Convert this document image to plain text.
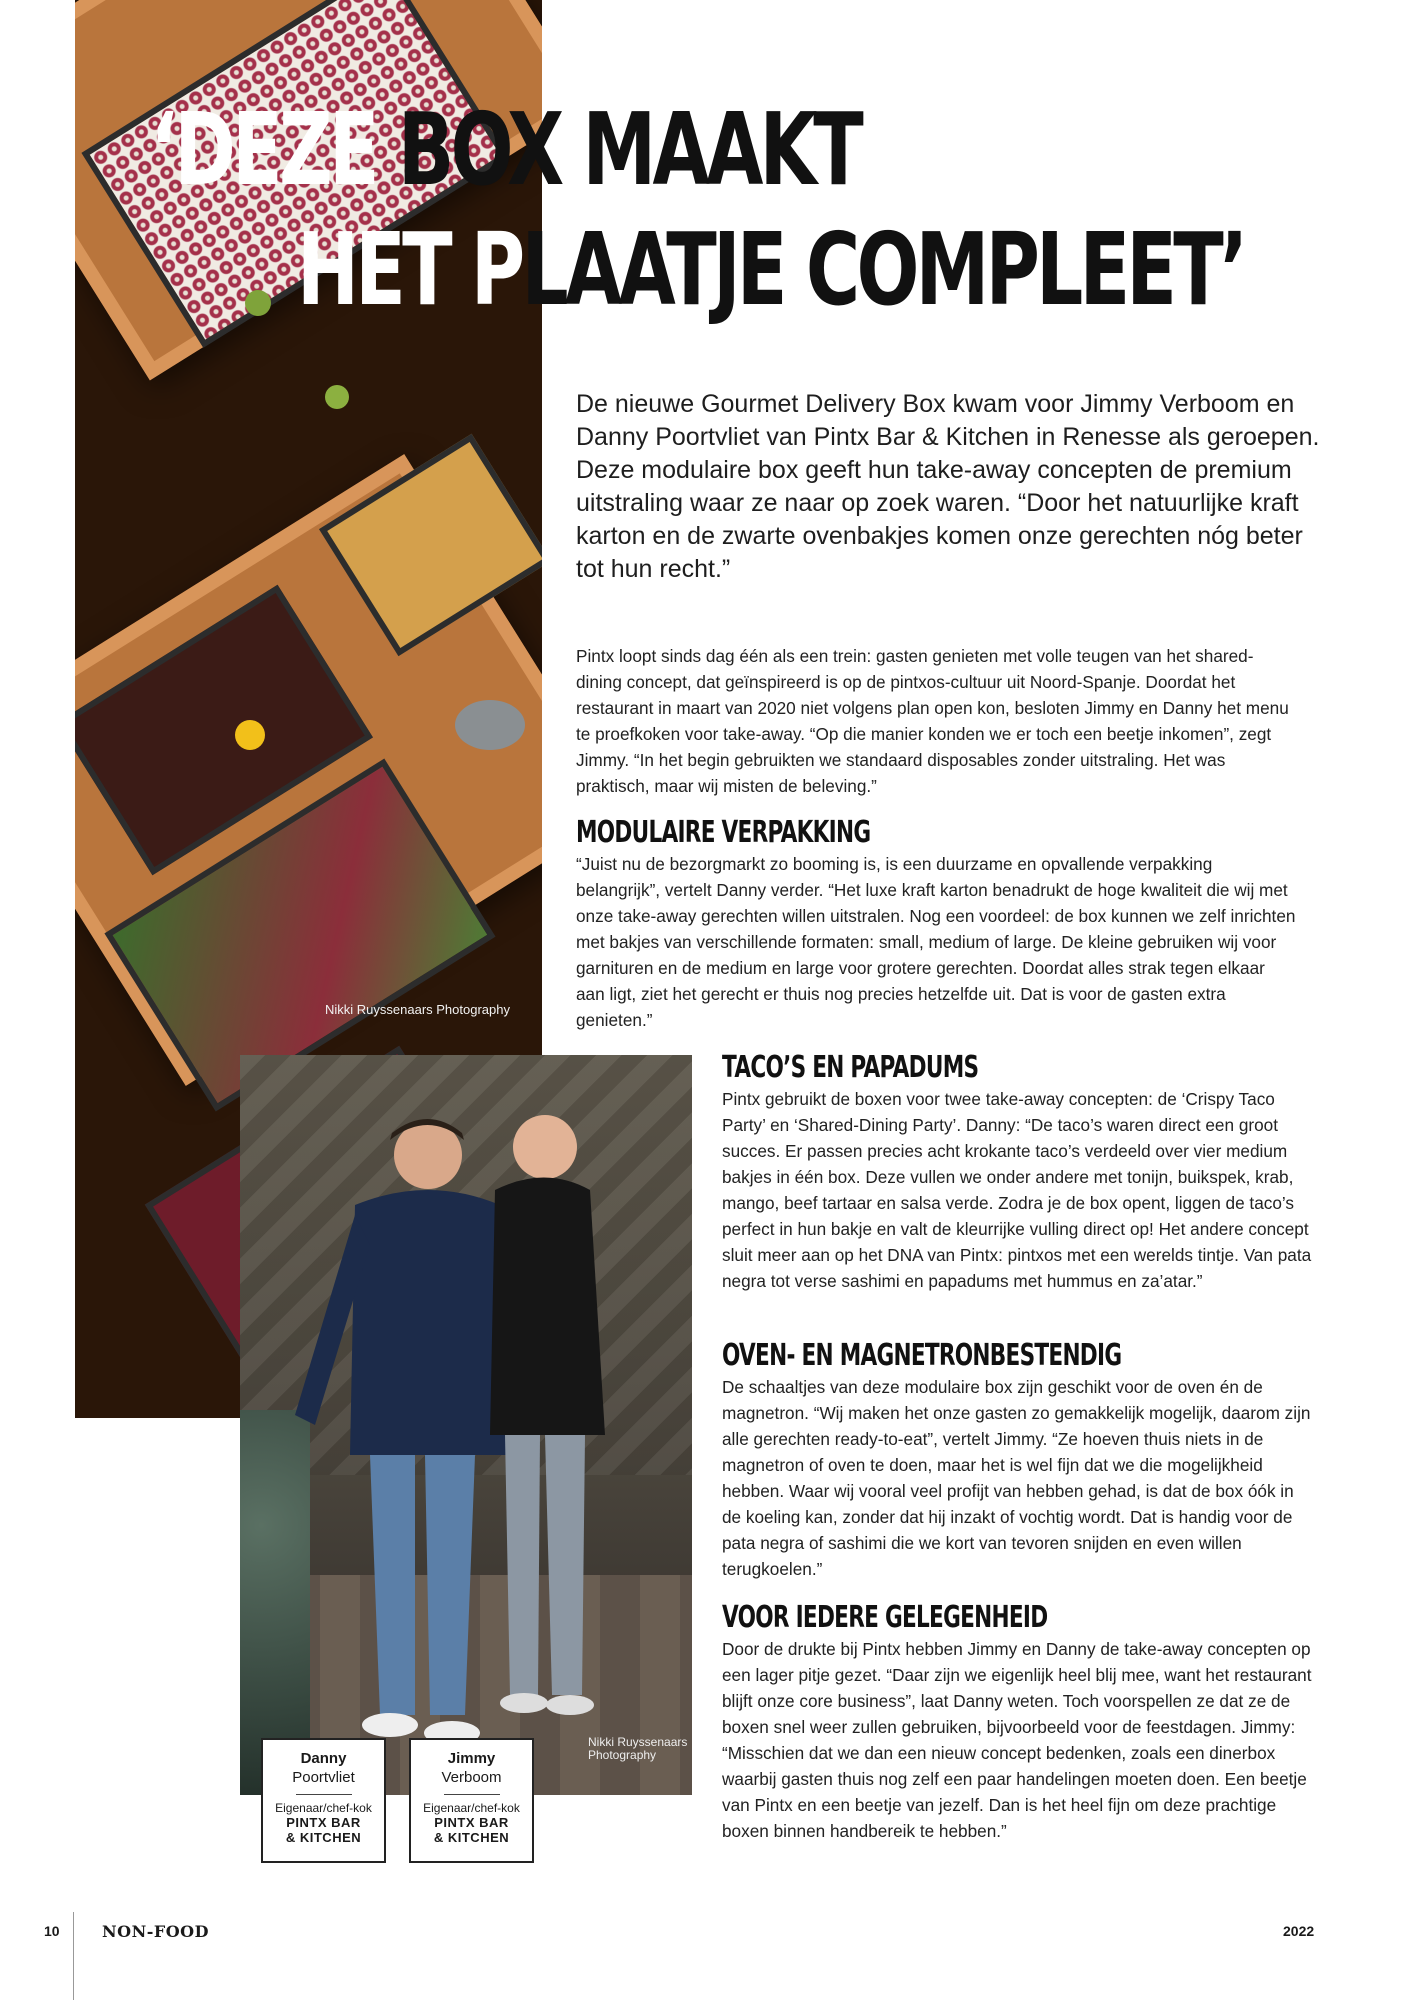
Nikki Ruyssenaars Photography
‘DEZE BOX MAAKT
HET PLAATJE COMPLEET’
Nikki Ruyssenaars Photography
De nieuwe Gourmet Delivery Box kwam voor Jimmy Verboom en Danny Poortvliet van Pintx Bar & Kitchen in Renesse als geroepen. Deze modulaire box geeft hun take-away concepten de premium uitstraling waar ze naar op zoek waren. “Door het natuurlijke kraft karton en de zwarte ovenbakjes komen onze gerechten nóg beter tot hun recht.”
Pintx loopt sinds dag één als een trein: gasten genieten met volle teugen van het shared-dining concept, dat geïnspireerd is op de pintxos-cultuur uit Noord-Spanje. Doordat het restaurant in maart van 2020 niet volgens plan open kon, besloten Jimmy en Danny het menu te proefkoken voor take-away. “Op die manier konden we er toch een beetje inkomen”, zegt Jimmy. “In het begin gebruikten we standaard disposables zonder uitstraling. Het was praktisch, maar wij misten de beleving.”
MODULAIRE VERPAKKING
“Juist nu de bezorgmarkt zo booming is, is een duurzame en opvallende verpakking belangrijk”, vertelt Danny verder. “Het luxe kraft karton benadrukt de hoge kwaliteit die wij met onze take-away gerechten willen uitstralen. Nog een voordeel: de box kunnen we zelf inrichten met bakjes van verschillende formaten: small, medium of large. De kleine gebruiken wij voor garnituren en de medium en large voor grotere gerechten. Doordat alles strak tegen elkaar aan ligt, ziet het gerecht er thuis nog precies hetzelfde uit. Dat is voor de gasten extra genieten.”
TACO’S EN PAPADUMS
Pintx gebruikt de boxen voor twee take-away concepten: de ‘Crispy Taco Party’ en ‘Shared-Dining Party’. Danny: “De taco’s waren direct een groot succes. Er passen precies acht krokante taco’s verdeeld over vier medium bakjes in één box. Deze vullen we onder andere met tonijn, buikspek, krab, mango, beef tartaar en salsa verde. Zodra je de box opent, liggen de taco’s perfect in hun bakje en valt de kleurrijke vulling direct op! Het andere concept sluit meer aan op het DNA van Pintx: pintxos met een werelds tintje. Van pata negra tot verse sashimi en papadums met hummus en za’atar.”
OVEN- EN MAGNETRONBESTENDIG
De schaaltjes van deze modulaire box zijn geschikt voor de oven én de magnetron. “Wij maken het onze gasten zo gemakkelijk mogelijk, daarom zijn alle gerechten ready-to-eat”, vertelt Jimmy. “Ze hoeven thuis niets in de magnetron of oven te doen, maar het is wel fijn dat we die mogelijkheid hebben. Waar wij vooral veel profijt van hebben gehad, is dat de box óók in de koeling kan, zonder dat hij inzakt of vochtig wordt. Dat is handig voor de pata negra of sashimi die we kort van tevoren snijden en even willen terugkoelen.”
VOOR IEDERE GELEGENHEID
Door de drukte bij Pintx hebben Jimmy en Danny de take-away concepten op een lager pitje gezet. “Daar zijn we eigenlijk heel blij mee, want het restaurant blijft onze core business”, laat Danny weten. Toch voorspellen ze dat ze de boxen snel weer zullen gebruiken, bijvoorbeeld voor de feestdagen. Jimmy: “Misschien dat we dan een nieuw concept bedenken, zoals een dinerbox waarbij gasten thuis nog zelf een paar handelingen moeten doen. Een beetje van Pintx en een beetje van jezelf. Dan is het heel fijn om deze prachtige boxen binnen handbereik te hebben.”
Danny
Poortvliet
Eigenaar/chef-kok
PINTX BAR
& KITCHEN
Jimmy
Verboom
Eigenaar/chef-kok
PINTX BAR
& KITCHEN
10	NON-FOOD	2022
